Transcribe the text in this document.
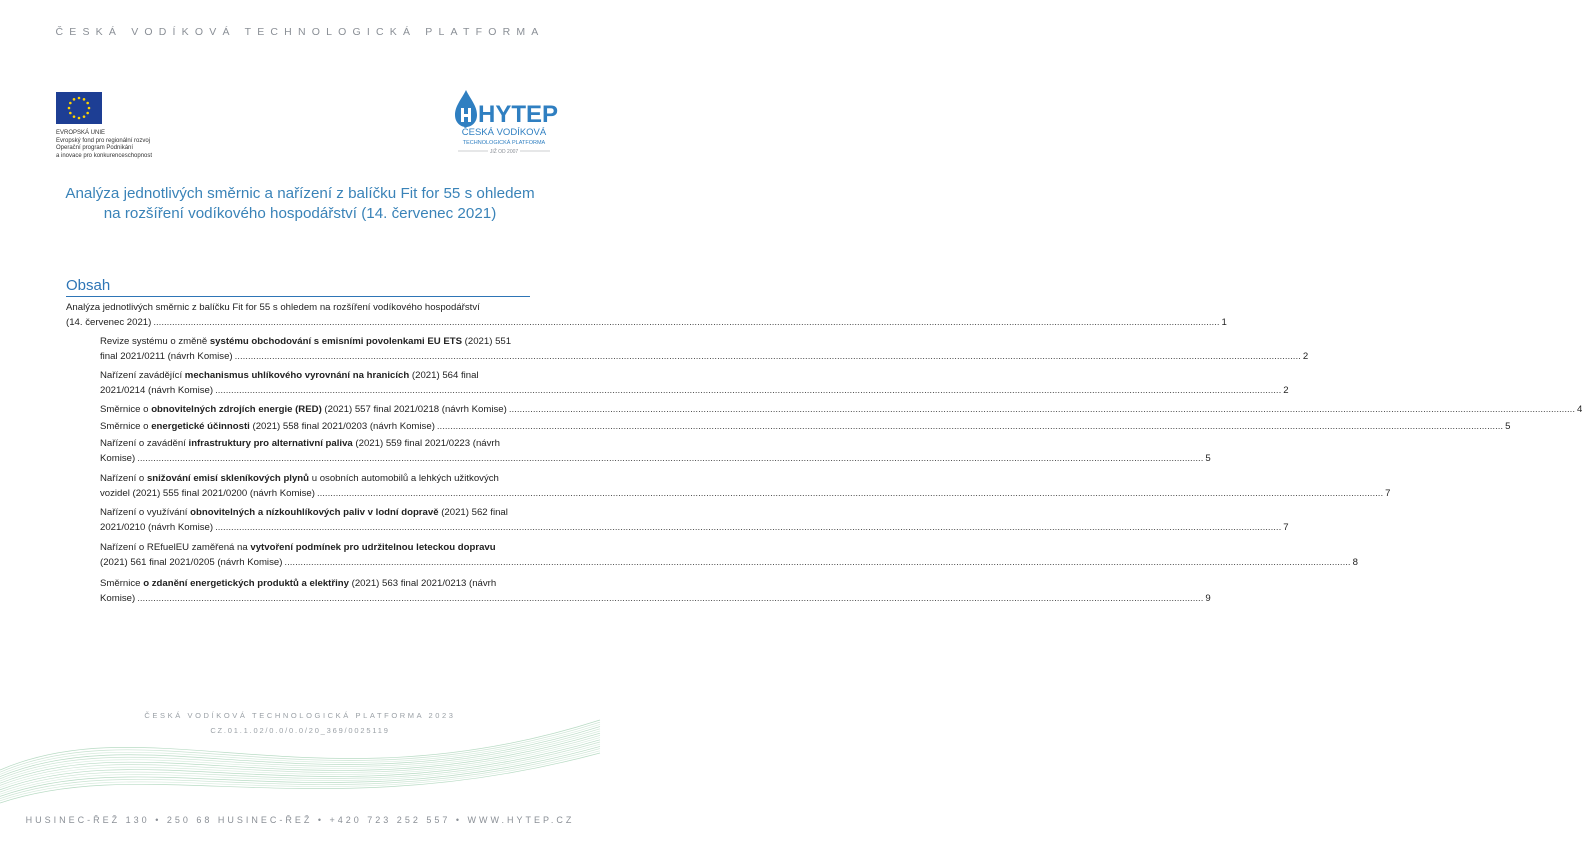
ČESKÁ VODÍKOVÁ TECHNOLOGICKÁ PLATFORMA
EVROPSKÁ UNIE
Evropský fond pro regionální rozvoj
Operační program Podnikání
a inovace pro konkurenceschopnost
HYTEP
ČESKÁ VODÍKOVÁ
TECHNOLOGICKÁ PLATFORMA
JIŽ OD 2007
Analýza jednotlivých směrnic a nařízení z balíčku Fit for 55 s ohledem na rozšíření vodíkového hospodářství (14. červenec 2021)
Obsah
Analýza jednotlivých směrnic z balíčku Fit for 55 s ohledem na rozšíření vodíkového hospodářství
(14. červenec 2021) ................................................................................................................................................................................................................................................................................................................................................................................................................ 1
Revize systému o změně systému obchodování s emisními povolenkami EU ETS (2021) 551
final 2021/0211 (návrh Komise) ................................................................................................................................................................................................................................................................................................................................................................................................................ 2
Nařízení zavádějící mechanismus uhlíkového vyrovnání na hranicích (2021) 564 final
2021/0214 (návrh Komise) ................................................................................................................................................................................................................................................................................................................................................................................................................ 2
Směrnice o obnovitelných zdrojích energie (RED) (2021) 557 final 2021/0218 (návrh Komise) ................................................................................................................................................................................................................................................................................................................................................................................................................ 4
Směrnice o energetické účinnosti (2021) 558 final 2021/0203 (návrh Komise) ................................................................................................................................................................................................................................................................................................................................................................................................................ 5
Nařízení o zavádění infrastruktury pro alternativní paliva (2021) 559 final 2021/0223 (návrh
Komise) ................................................................................................................................................................................................................................................................................................................................................................................................................ 5
Nařízení o snižování emisí skleníkových plynů u osobních automobilů a lehkých užitkových
vozidel (2021) 555 final 2021/0200 (návrh Komise) ................................................................................................................................................................................................................................................................................................................................................................................................................ 7
Nařízení o využívání obnovitelných a nízkouhlíkových paliv v lodní dopravě (2021) 562 final
2021/0210 (návrh Komise) ................................................................................................................................................................................................................................................................................................................................................................................................................ 7
Nařízení o REfuelEU zaměřená na vytvoření podmínek pro udržitelnou leteckou dopravu
(2021) 561 final 2021/0205 (návrh Komise) ................................................................................................................................................................................................................................................................................................................................................................................................................ 8
Směrnice o zdanění energetických produktů a elektřiny (2021) 563 final 2021/0213 (návrh
Komise) ................................................................................................................................................................................................................................................................................................................................................................................................................ 9
ČESKÁ VODÍKOVÁ TECHNOLOGICKÁ PLATFORMA 2023
CZ.01.1.02/0.0/0.0/20_369/0025119
HUSINEC-ŘEŽ 130 • 250 68 HUSINEC-ŘEŽ • +420 723 252 557 • WWW.HYTEP.CZ
